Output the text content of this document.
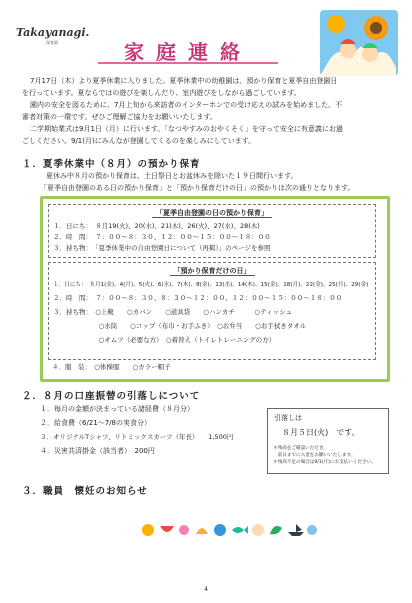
Takayanagi.
保育園	家庭連絡
7月17日（木）より夏季休業に入りました。夏季休業中の幼稚園は、預かり保育と夏季自由登園日
を行っています。夏ならではの遊びを楽しんだり、室内遊びをしながら過ごしています。
園内の安全を図るために、7月上旬から来訪者のインターホンでの受け応えの試みを始めました。不
審者対策の一環です。ぜひご理解ご協力をお願いいたします。
二学期始業式は9月1日（月）に行います。「なつやすみのおやくそく」を守って安全に有意義にお過
ごしください。9/1(月)にみんなが登園してくるのを楽しみにしています。
１．夏季休業中（８月）の預かり保育
夏休み中８月の預かり保育は、土日祭日とお盆休みを除いた１９日間行います。
「夏季自由登園のある日の預かり保育」と「預かり保育だけの日」の預かりは次の通りとなります。
「夏季自由登園の日の預かり保育」
１．日にち：　８月19(火)、20(水)、21(木)、26(火)、27(水)、28(木)
２．時　間：　７：００～８：３０、１２：００～１５：００～１８：００
３．持ち物：　「夏季休業中の自由登園日について（再掲）」のページを参照
「預かり保育だけの日」
１．日にち：　８月1(金)、4(月)、5(火)、6(水)、7(木)、8(金)、13(水)、14(木)、15(金)、18(月)、22(金)、25(月)、29(金)
２．時　間：　７：００～８：３０、８：３０～１２：００、１２：００～１５：００～１８：００
３．持ち物：　○上靴　　○カバン　　○道具袋　　○ハンカチ　　　○ティッシュ
　　　　　　　○水筒　　○コップ（布巾・お手ふき）　○お弁当　　○お手拭きタオル
　　　　　　　○オムツ（必要な方）　○着替え（トイレトレーニングの方）
４．服　装：　○体操服　　○カラー帽子
２．８月の口座振替の引落しについて
１．毎月の金額が決まっている諸経費（８月分）
２．給食費（6/21～7/8の実食分）
３．オリジナルTシャツ、リトミックスカーフ（年長）　　1,500円
４．災害共済掛金（該当者）　200円
引落しは
８月５日(火)　です。
＊残高をご確認いただき、
　前日までに入金をお願いいたします。
＊残高不足の場合は9/1(月)にお支払いください。
３．職員　懐妊のお知らせ
4
